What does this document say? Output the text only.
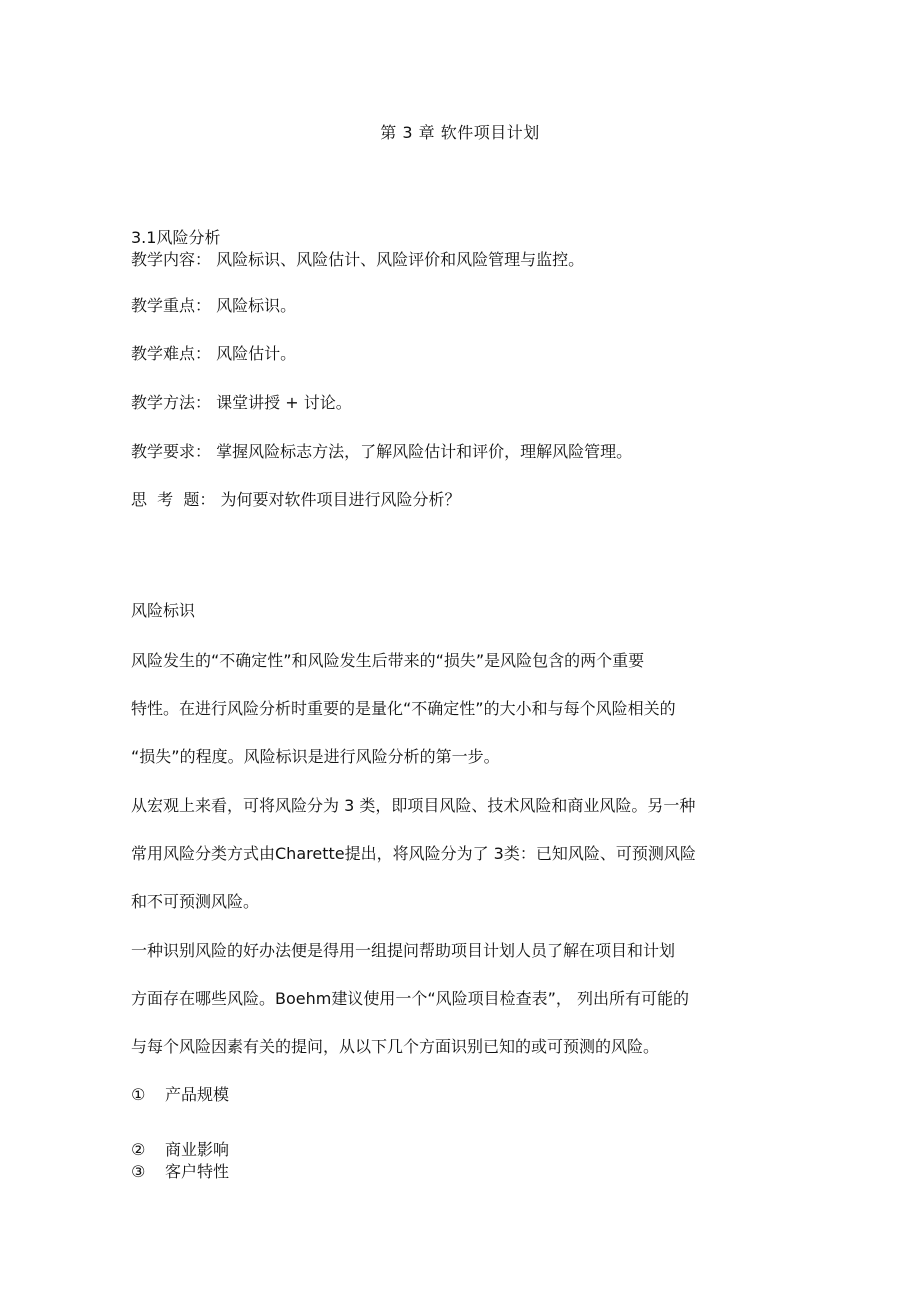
第 3 章 软件项目计划
3.1风险分析
教学内容： 风险标识、风险估计、风险评价和风险管理与监控。
教学重点： 风险标识。
教学难点： 风险估计。
教学方法： 课堂讲授 + 讨论。
教学要求： 掌握风险标志方法，了解风险估计和评价，理解风险管理。
思  考  题： 为何要对软件项目进行风险分析？
风险标识
风险发生的“不确定性”和风险发生后带来的“损失”是风险包含的两个重要
特性。在进行风险分析时重要的是量化“不确定性”的大小和与每个风险相关的
“损失”的程度。风险标识是进行风险分析的第一步。
从宏观上来看，可将风险分为 3 类，即项目风险、技术风险和商业风险。另一种
常用风险分类方式由Charette提出，将风险分为了 3类：已知风险、可预测风险
和不可预测风险。
一种识别风险的好办法便是得用一组提问帮助项目计划人员了解在项目和计划
方面存在哪些风险。Boehm建议使用一个“风险项目检查表”， 列出所有可能的
与每个风险因素有关的提问，从以下几个方面识别已知的或可预测的风险。
① 产品规模
② 商业影响
③ 客户特性
